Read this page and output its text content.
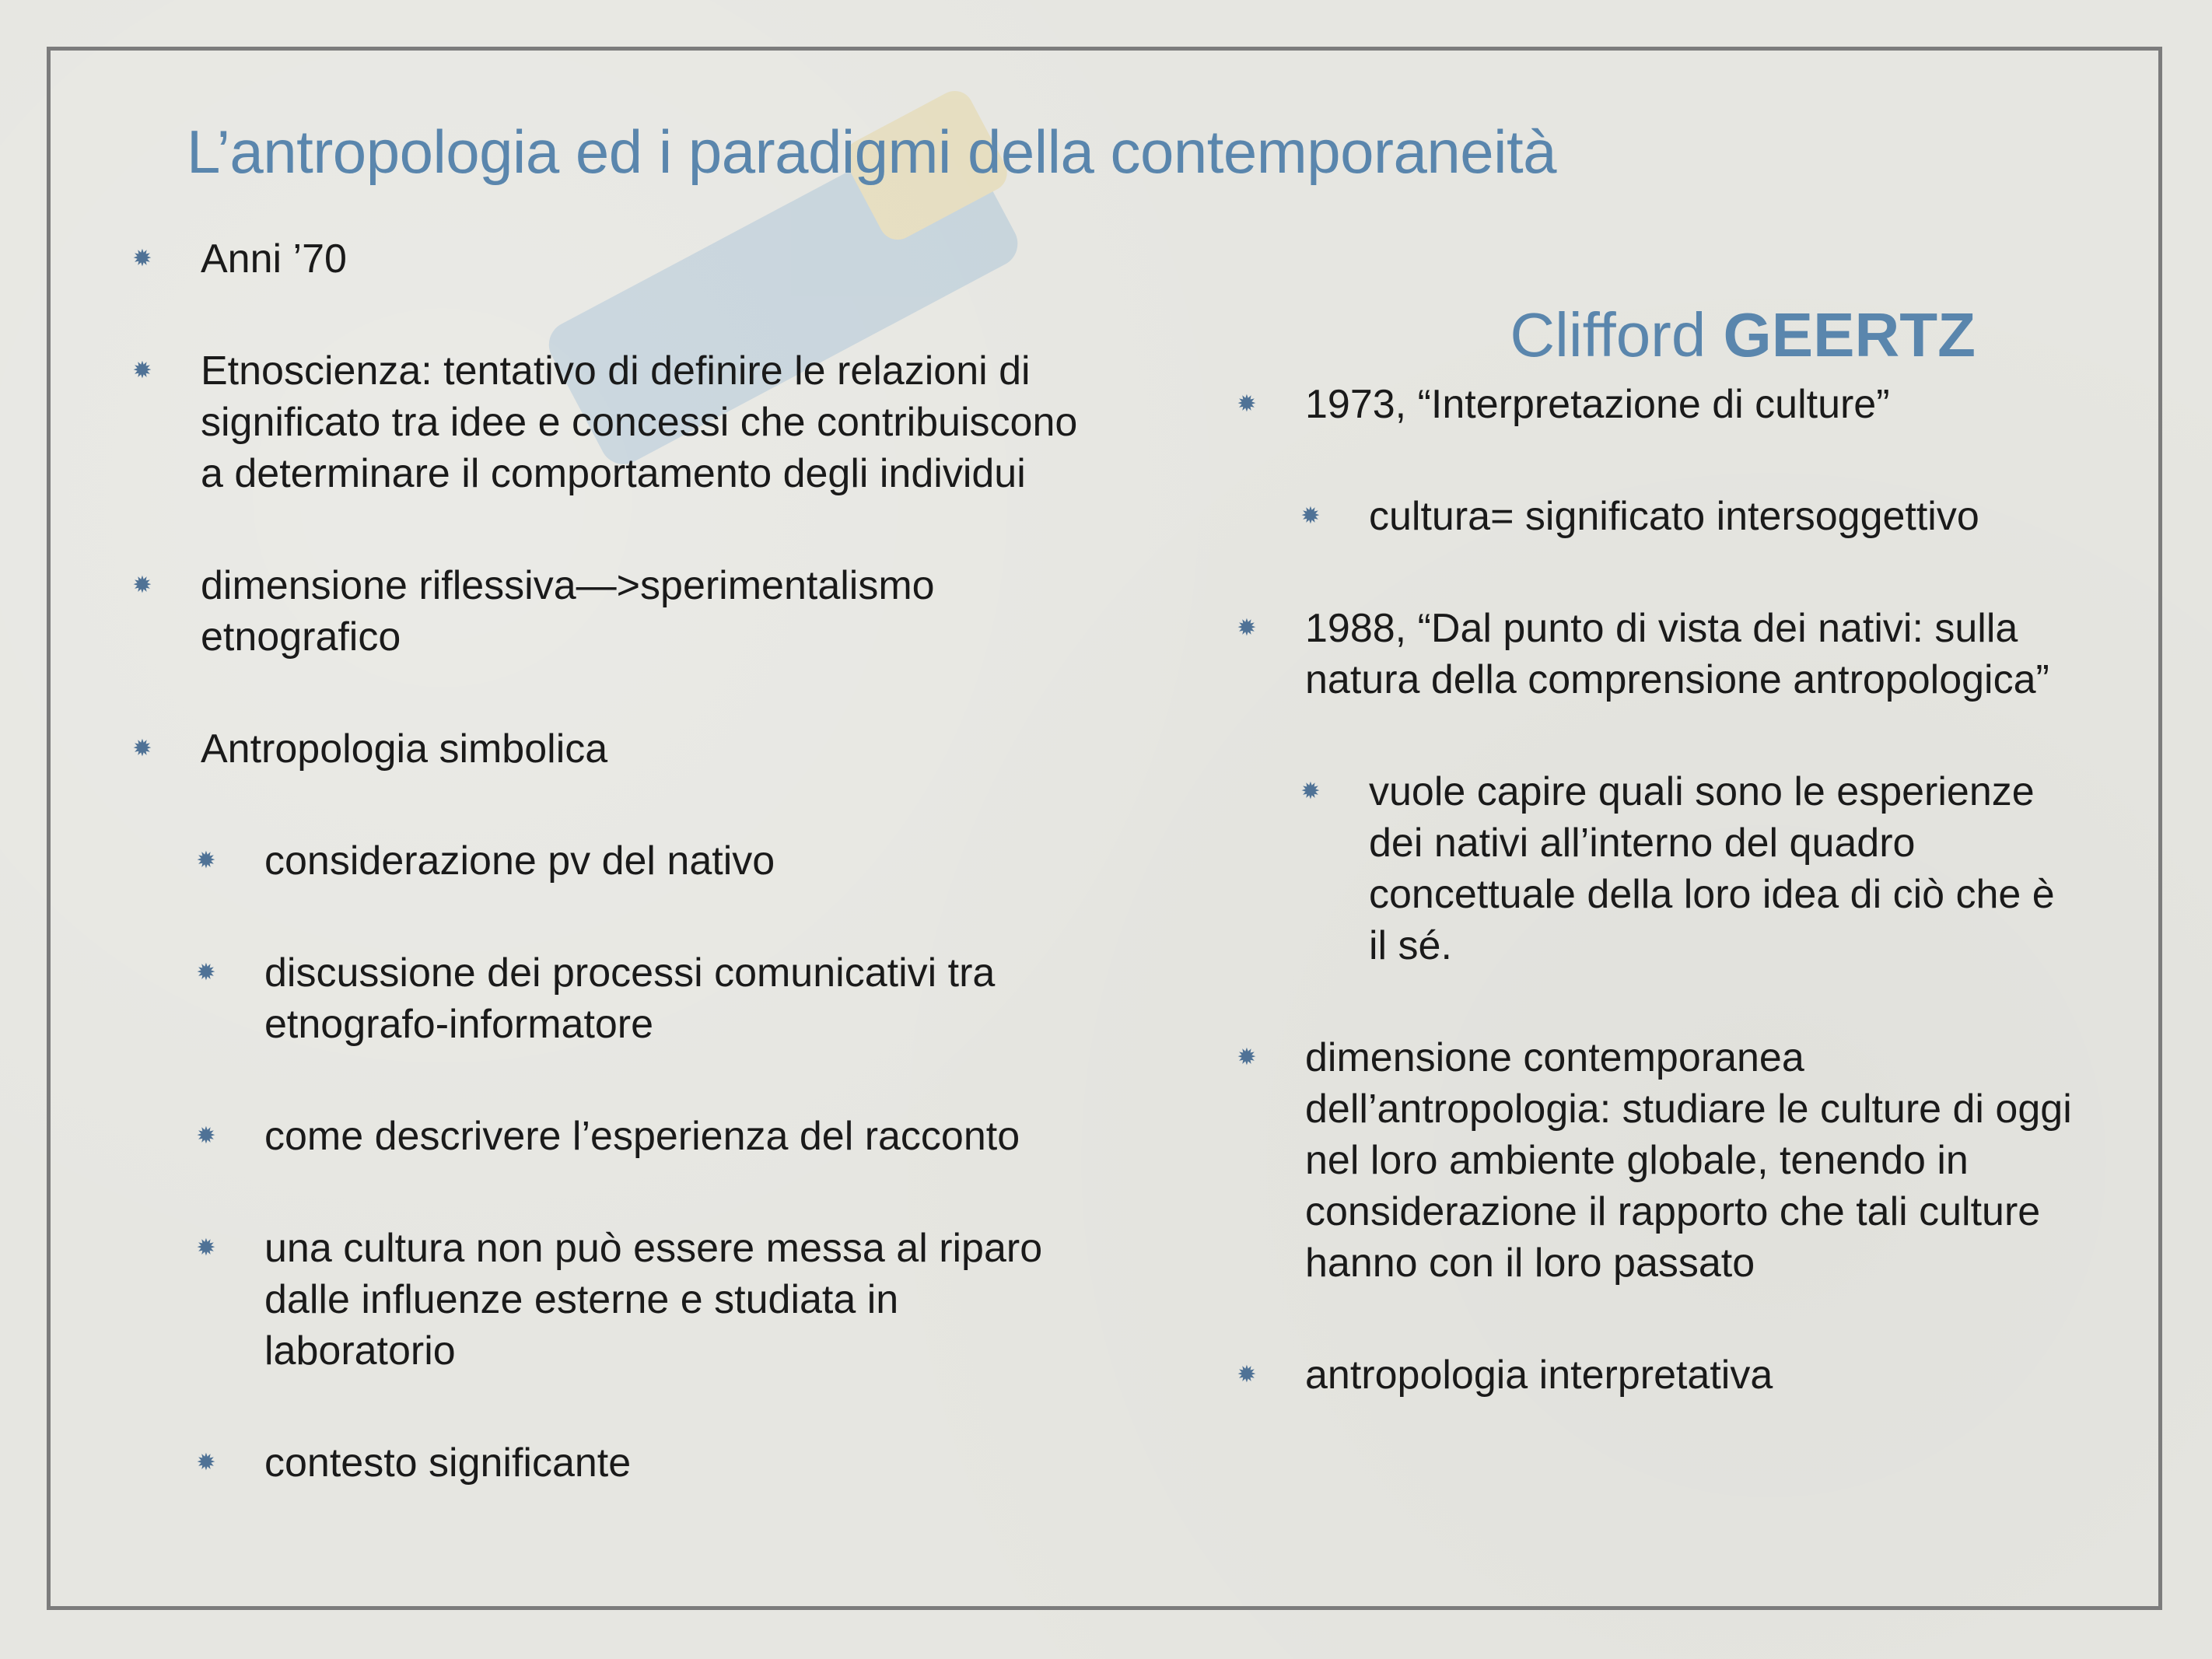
L’antropologia ed i paradigmi della contemporaneità
Clifford GEERTZ
✹ Anni ’70
✹ Etnoscienza: tentativo di definire le relazioni di significato tra idee e concessi che contribuiscono a determinare il comportamento degli individui
✹ dimensione riflessiva—>sperimentalismo etnografico
✹ Antropologia simbolica
✹ considerazione pv del nativo
✹ discussione dei processi comunicativi tra etnografo-informatore
✹ come descrivere l’esperienza del racconto
✹ una cultura non può essere messa al riparo dalle influenze esterne e studiata in laboratorio
✹ contesto significante
✹ 1973, “Interpretazione di culture”
✹ cultura= significato intersoggettivo
✹ 1988, “Dal punto di vista dei nativi: sulla natura della comprensione antropologica”
✹ vuole capire quali sono le esperienze dei nativi all’interno del quadro concettuale della loro idea di ciò che è il sé.
✹ dimensione contemporanea dell’antropologia: studiare le culture di oggi nel loro ambiente globale, tenendo in considerazione il rapporto che tali culture hanno con il loro passato
✹ antropologia interpretativa
